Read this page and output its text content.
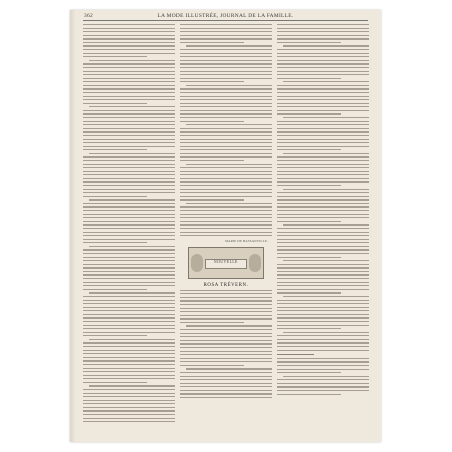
362	LA MODE ILLUSTRÉE, JOURNAL DE LA FAMILLE.
MARIE DE BASSANVILLE.
NOUVELLE
ROSA TRÉVERN.
